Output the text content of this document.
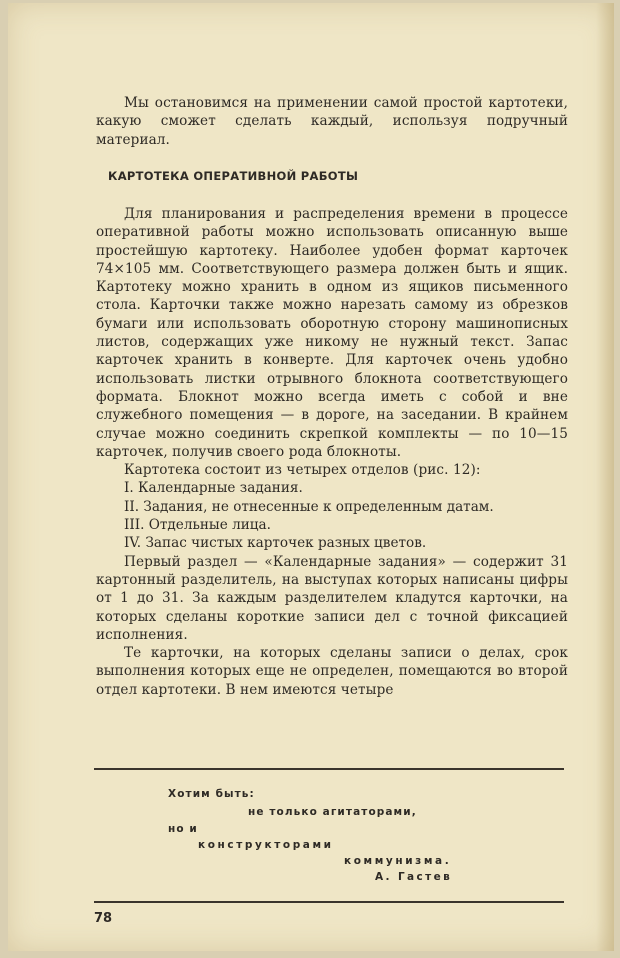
Мы остановимся на применении самой простой картотеки, какую сможет сделать каждый, используя подручный материал.

КАРТОТЕКА ОПЕРАТИВНОЙ РАБОТЫ

Для планирования и распределения времени в процессе оперативной работы можно использовать описанную выше простейшую картотеку. Наиболее удобен формат карточек 74×105 мм. Соответствующего размера должен быть и ящик. Картотеку можно хранить в одном из ящиков письменного стола. Карточки также можно нарезать самому из обрезков бумаги или использовать оборотную сторону машинописных листов, содержащих уже никому не нужный текст. Запас карточек хранить в конверте. Для карточек очень удобно использовать листки отрывного блокнота соответствующего формата. Блокнот можно всегда иметь с собой и вне служебного помещения — в дороге, на заседании. В крайнем случае можно соединить скрепкой комплекты — по 10—15 карточек, получив своего рода блокноты.

Картотека состоит из четырех отделов (рис. 12):

I. Календарные задания.
II. Задания, не отнесенные к определенным датам.
III. Отдельные лица.
IV. Запас чистых карточек разных цветов.

Первый раздел — «Календарные задания» — содержит 31 картонный разделитель, на выступах которых написаны цифры от 1 до 31. За каждым разделителем кладутся карточки, на которых сделаны короткие записи дел с точной фиксацией исполнения.

Те карточки, на которых сделаны записи о делах, срок выполнения которых еще не определен, помещаются во второй отдел картотеки. В нем имеются четыре

Хотим быть:
не только агитаторами,
но и
конструкторами
коммунизма.
А. Гастев
78
